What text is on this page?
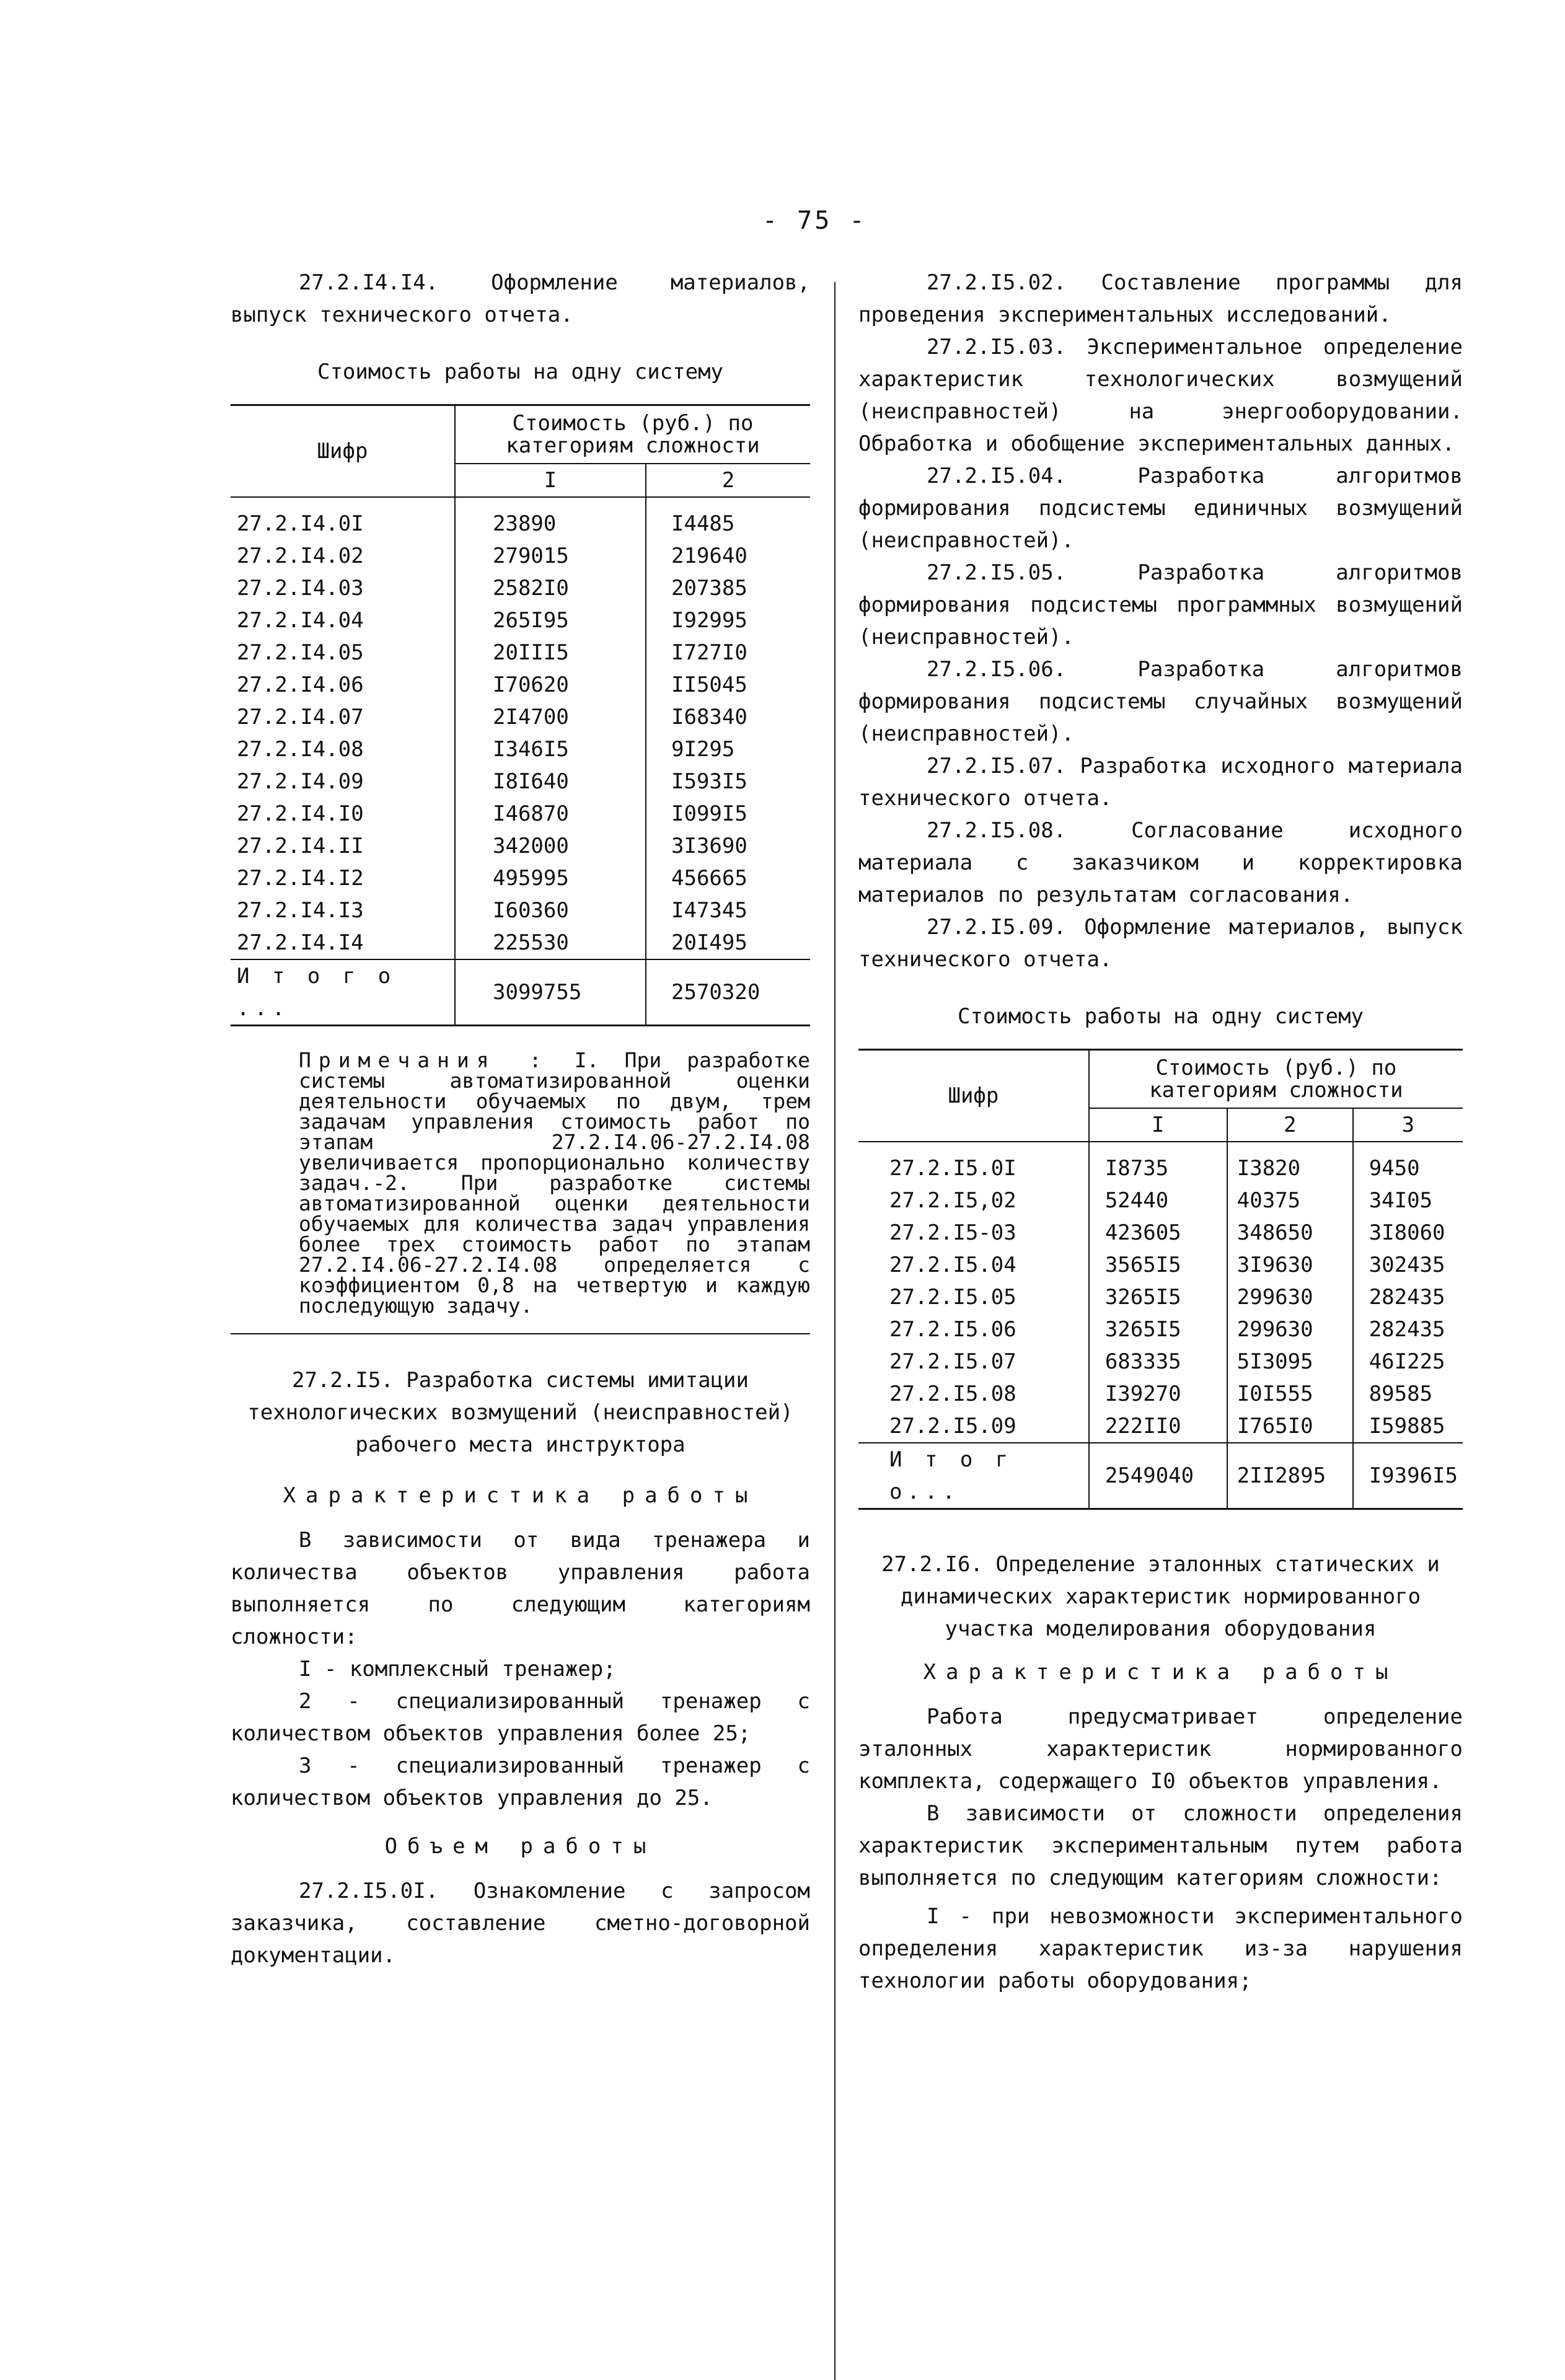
- 75 -

27.2.I4.I4. Оформление материалов, выпуск технического отчета.

Стоимость работы на одну систему

Шифр	Стоимость (руб.) по категориям сложности	
	I	2
27.2.I4.0I	23890	I4485
27.2.I4.02	279015	219640
27.2.I4.03	2582I0	207385
27.2.I4.04	265I95	I92995
27.2.I4.05	20III5	I727I0
27.2.I4.06	I70620	II5045
27.2.I4.07	2I4700	I68340
27.2.I4.08	I346I5	9I295
27.2.I4.09	I8I640	I593I5
27.2.I4.I0	I46870	I099I5
27.2.I4.II	342000	3I3690
27.2.I4.I2	495995	456665
27.2.I4.I3	I60360	I47345
27.2.I4.I4	225530	20I495
И т о г о ...	3099755	2570320
Примечания : I. При разработке системы автоматизированной оценки деятельности обучаемых по двум, трем задачам управления стоимость работ по этапам 27.2.I4.06-27.2.I4.08 увеличивается пропорционально количеству задач.-2. При разработке системы автоматизированной оценки деятельности обучаемых для количества задач управления более трех стоимость работ по этапам 27.2.I4.06-27.2.I4.08 определяется с коэффициентом 0,8 на четвертую и каждую последующую задачу.
27.2.I5. Разработка системы имитации технологических возмущений (неисправностей) рабочего места инструктора

Характеристика работы

В зависимости от вида тренажера и количества объектов управления работа выполняется по следующим категориям сложности:

I - комплексный тренажер;

2 - специализированный тренажер с количеством объектов управления более 25;

3 - специализированный тренажер с количеством объектов управления до 25.

Объем работы

27.2.I5.0I. Ознакомление с запросом заказчика, составление сметно-договорной документации.

27.2.I5.02. Составление программы для проведения экспериментальных исследований.

27.2.I5.03. Экспериментальное определение характеристик технологических возмущений (неисправностей) на энергооборудовании. Обработка и обобщение экспериментальных данных.

27.2.I5.04. Разработка алгоритмов формирования подсистемы единичных возмущений (неисправностей).

27.2.I5.05. Разработка алгоритмов формирования подсистемы программных возмущений (неисправностей).

27.2.I5.06. Разработка алгоритмов формирования подсистемы случайных возмущений (неисправностей).

27.2.I5.07. Разработка исходного материала технического отчета.

27.2.I5.08. Согласование исходного материала с заказчиком и корректировка материалов по результатам согласования.

27.2.I5.09. Оформление материалов, выпуск технического отчета.

Стоимость работы на одну систему

Шифр	Стоимость (руб.) по категориям сложности		
	I	2	3
27.2.I5.0I	I8735	I3820	9450
27.2.I5,02	52440	40375	34I05
27.2.I5-03	423605	348650	3I8060
27.2.I5.04	3565I5	3I9630	302435
27.2.I5.05	3265I5	299630	282435
27.2.I5.06	3265I5	299630	282435
27.2.I5.07	683335	5I3095	46I225
27.2.I5.08	I39270	I0I555	89585
27.2.I5.09	222II0	I765I0	I59885
И т о г о...	2549040	2II2895	I9396I5
27.2.I6. Определение эталонных статических и динамических характеристик нормированного участка моделирования оборудования

Характеристика работы

Работа предусматривает определение эталонных характеристик нормированного комплекта, содержащего I0 объектов управления.

В зависимости от сложности определения характеристик экспериментальным путем работа выполняется по следующим категориям сложности:

I - при невозможности экспериментального определения характеристик из-за нарушения технологии работы оборудования;
